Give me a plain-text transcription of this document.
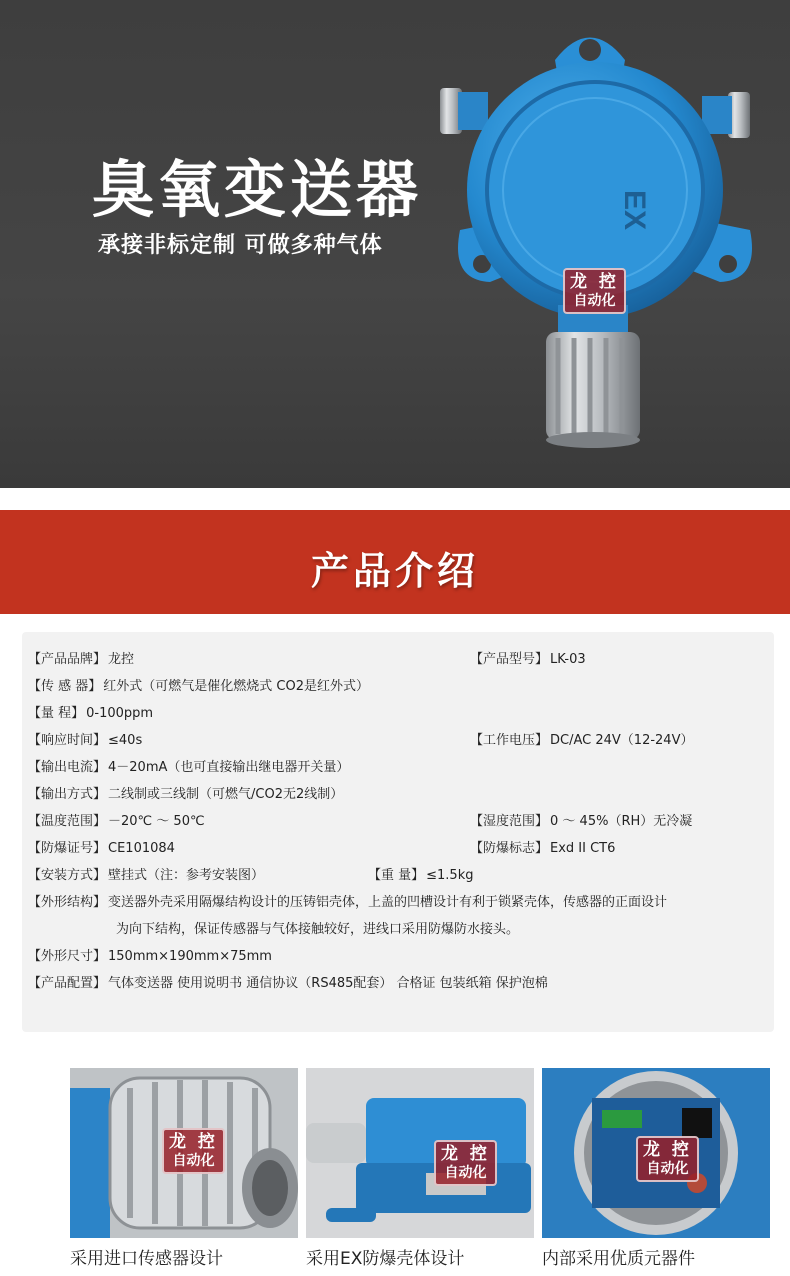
臭氧变送器
承接非标定制 可做多种气体
EX
龙 控
自动化
产品介绍
【产品品牌】 龙控	【产品型号】 LK-03
【传 感 器】 红外式（可燃气是催化燃烧式 CO2是红外式）
【量 程】 0-100ppm
【响应时间】 ≤40s	【工作电压】 DC/AC 24V（12-24V）
【输出电流】 4－20mA（也可直接输出继电器开关量）
【输出方式】 二线制或三线制（可燃气/CO2无2线制）
【温度范围】 －20℃ ～ 50℃	【湿度范围】 0 ～ 45%（RH）无冷凝
【防爆证号】 CE101084	【防爆标志】 Exd II CT6
【安装方式】 壁挂式（注：参考安装图）	【重 量】 ≤1.5kg
【外形结构】 变送器外壳采用隔爆结构设计的压铸铝壳体，上盖的凹槽设计有利于锁紧壳体，传感器的正面设计
为向下结构，保证传感器与气体接触较好，进线口采用防爆防水接头。
【外形尺寸】 150mm×190mm×75mm
【产品配置】 气体变送器 使用说明书 通信协议（RS485配套） 合格证 包装纸箱 保护泡棉
龙 控
自动化
采用进口传感器设计
龙 控
自动化
采用EX防爆壳体设计
龙 控
自动化
内部采用优质元器件
